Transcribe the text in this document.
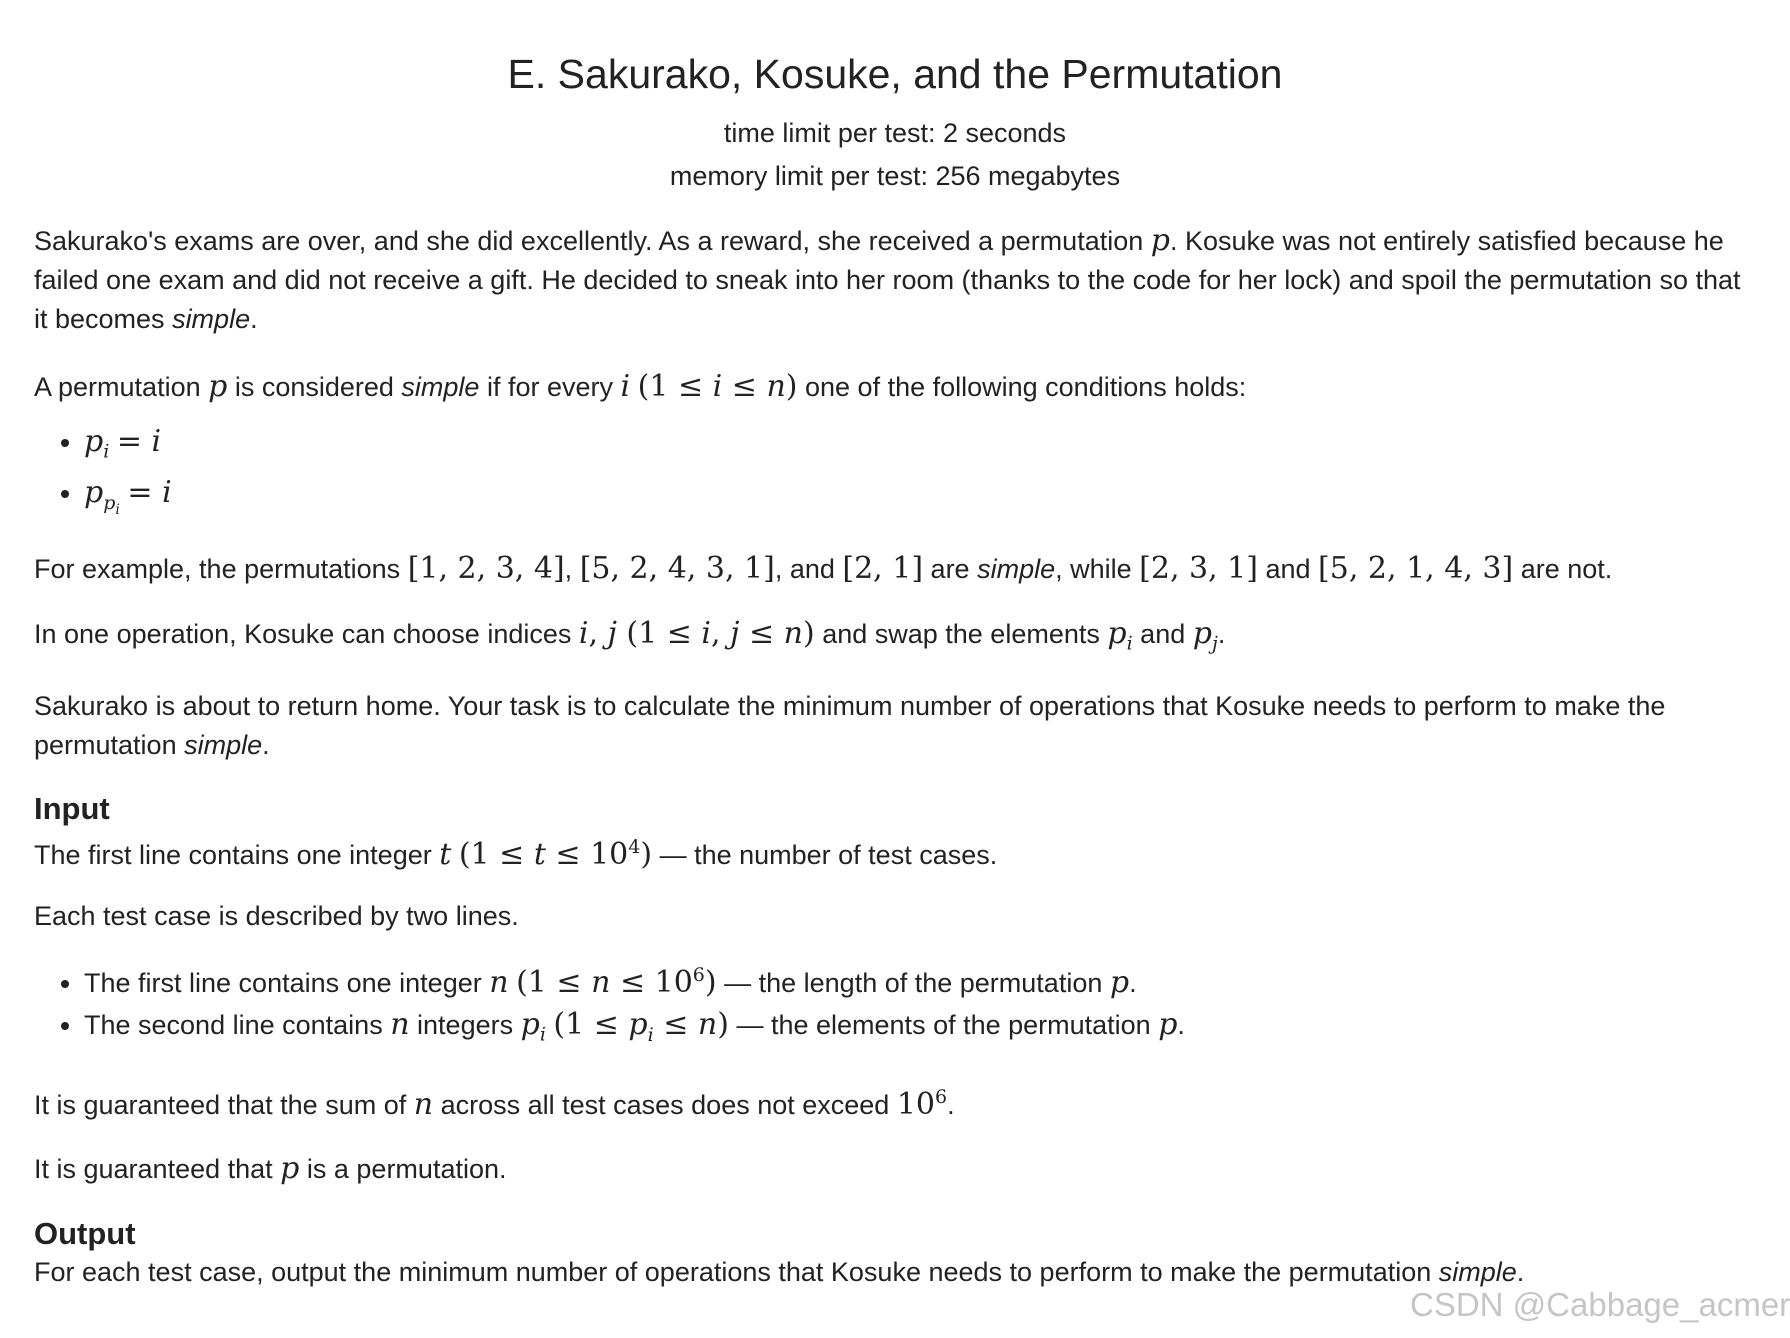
E. Sakurako, Kosuke, and the Permutation
time limit per test: 2 seconds
memory limit per test: 256 megabytes

Sakurako's exams are over, and she did excellently. As a reward, she received a permutation p. Kosuke was not entirely satisfied because he failed one exam and did not receive a gift. He decided to sneak into her room (thanks to the code for her lock) and spoil the permutation so that it becomes simple.

A permutation p is considered simple if for every i (1 ≤ i ≤ n) one of the following conditions holds:

• $p_i = i$
• $p_{p_i} = i$

For example, the permutations [1, 2, 3, 4], [5, 2, 4, 3, 1], and [2, 1] are simple, while [2, 3, 1] and [5, 2, 1, 4, 3] are not.

In one operation, Kosuke can choose indices i, j (1 ≤ i, j ≤ n) and swap the elements $p_i$ and $p_j$.

Sakurako is about to return home. Your task is to calculate the minimum number of operations that Kosuke needs to perform to make the permutation simple.

Input

The first line contains one integer t $(1 \le t \le 10^4)$ — the number of test cases.

Each test case is described by two lines.

• The first line contains one integer n $(1 \le n \le 10^6)$ — the length of the permutation p.
• The second line contains n integers $p_i$ $(1 \le p_i \le n)$ — the elements of the permutation p.

It is guaranteed that the sum of n across all test cases does not exceed $10^6$.

It is guaranteed that p is a permutation.

Output

For each test case, output the minimum number of operations that Kosuke needs to perform to make the permutation simple.

CSDN @Cabbage_acmer
